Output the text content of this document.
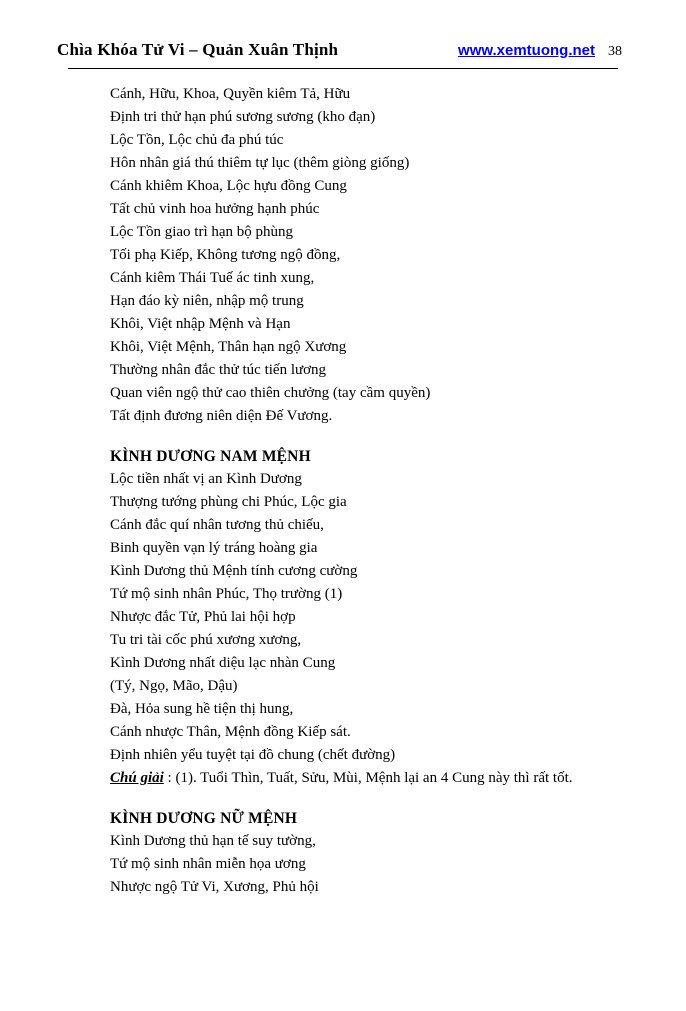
Chìa Khóa Tử Vi – Quản Xuân Thịnh	www.xemtuong.net 38

Cánh, Hữu, Khoa, Quyền kiêm Tả, Hữu

Định tri thử hạn phú sương sương (kho đạn)

Lộc Tồn, Lộc chủ đa phú túc

Hôn nhân giá thú thiêm tự lục (thêm giòng giống)

Cánh khiêm Khoa, Lộc hựu đồng Cung

Tất chủ vinh hoa hưởng hạnh phúc

Lộc Tồn giao trì hạn bộ phùng

Tối phạ Kiếp, Không tương ngộ đồng,

Cánh kiêm Thái Tuế ác tinh xung,

Hạn đáo kỳ niên, nhập mộ trung

Khôi, Việt nhập Mệnh và Hạn

Khôi, Việt Mệnh, Thân hạn ngộ Xương

Thường nhân đắc thử túc tiến lương

Quan viên ngộ thử cao thiên chưởng (tay cầm quyền)

Tất định đương niên diện Đế Vương.

KÌNH DƯƠNG NAM MỆNH

Lộc tiền nhất vị an Kình Dương

Thượng tướng phùng chi Phúc, Lộc gia

Cánh đắc quí nhân tương thủ chiếu,

Binh quyền vạn lý tráng hoàng gia

Kình Dương thủ Mệnh tính cương cường

Tứ mộ sinh nhân Phúc, Thọ trường (1)

Nhược đắc Tử, Phủ lai hội hợp

Tu tri tài cốc phú xương xương,

Kình Dương nhất diệu lạc nhàn Cung

(Tý, Ngọ, Mão, Dậu)

Đà, Hỏa sung hề tiện thị hung,

Cánh nhược Thân, Mệnh đồng Kiếp sát.

Định nhiên yểu tuyệt tại đồ chung (chết đường)

Chú giải : (1). Tuổi Thìn, Tuất, Sửu, Mùi, Mệnh lại an 4 Cung này thì rất tốt.

KÌNH DƯƠNG NỮ MỆNH

Kình Dương thủ hạn tế suy tường,

Tứ mộ sinh nhân miễn họa ương

Nhược ngộ Tử Vi, Xương, Phủ hội
